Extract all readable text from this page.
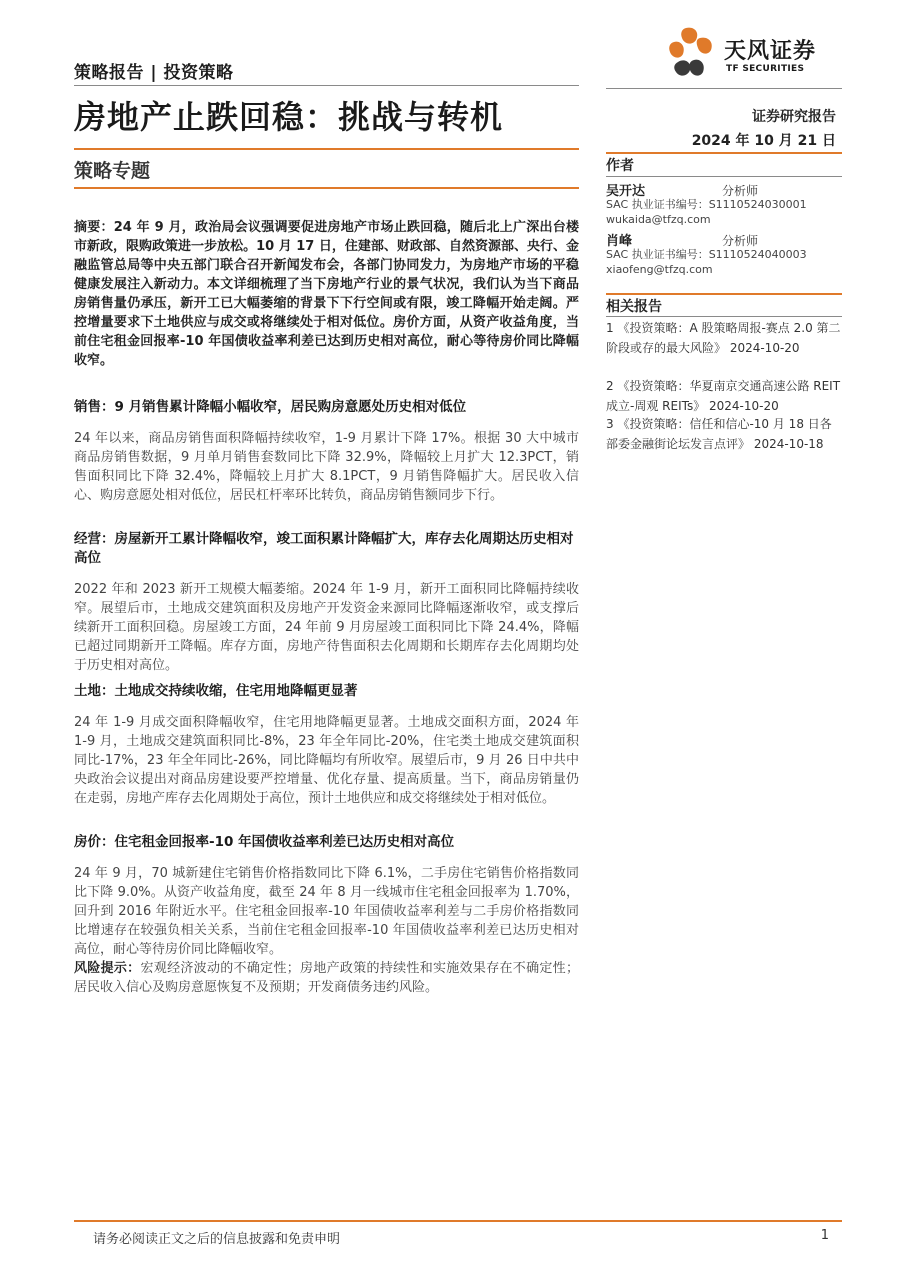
策略报告 | 投资策略
房地产止跌回稳：挑战与转机
策略专题
天风证券
TF SECURITIES
证券研究报告
2024 年 10 月 21 日
作者
吴开达	分析师
SAC 执业证书编号：S1110524030001
wukaida@tfzq.com
肖峰	分析师
SAC 执业证书编号：S1110524040003
xiaofeng@tfzq.com
相关报告
1 《投资策略：A 股策略周报-赛点 2.0 第二阶段或存的最大风险》 2024-10-20
2 《投资策略：华夏南京交通高速公路 REIT 成立-周观 REITs》 2024-10-20
3 《投资策略：信任和信心-10 月 18 日各部委金融街论坛发言点评》 2024-10-18
摘要：24 年 9 月，政治局会议强调要促进房地产市场止跌回稳，随后北上广深出台楼市新政，限购政策进一步放松。10 月 17 日，住建部、财政部、自然资源部、央行、金融监管总局等中央五部门联合召开新闻发布会，各部门协同发力，为房地产市场的平稳健康发展注入新动力。本文详细梳理了当下房地产行业的景气状况，我们认为当下商品房销售量仍承压，新开工已大幅萎缩的背景下下行空间或有限，竣工降幅开始走阔。严控增量要求下土地供应与成交或将继续处于相对低位。房价方面，从资产收益角度，当前住宅租金回报率-10 年国债收益率利差已达到历史相对高位，耐心等待房价同比降幅收窄。
销售：9 月销售累计降幅小幅收窄，居民购房意愿处历史相对低位
24 年以来，商品房销售面积降幅持续收窄，1-9 月累计下降 17%。根据 30 大中城市商品房销售数据，9 月单月销售套数同比下降 32.9%，降幅较上月扩大 12.3PCT，销售面积同比下降 32.4%，降幅较上月扩大 8.1PCT，9 月销售降幅扩大。居民收入信心、购房意愿处相对低位，居民杠杆率环比转负，商品房销售额同步下行。
经营：房屋新开工累计降幅收窄，竣工面积累计降幅扩大，库存去化周期达历史相对高位
2022 年和 2023 新开工规模大幅萎缩。2024 年 1-9 月，新开工面积同比降幅持续收窄。展望后市，土地成交建筑面积及房地产开发资金来源同比降幅逐渐收窄，或支撑后续新开工面积回稳。房屋竣工方面，24 年前 9 月房屋竣工面积同比下降 24.4%，降幅已超过同期新开工降幅。库存方面，房地产待售面积去化周期和长期库存去化周期均处于历史相对高位。
土地：土地成交持续收缩，住宅用地降幅更显著
24 年 1-9 月成交面积降幅收窄，住宅用地降幅更显著。土地成交面积方面，2024 年 1-9 月，土地成交建筑面积同比-8%，23 年全年同比-20%，住宅类土地成交建筑面积同比-17%，23 年全年同比-26%，同比降幅均有所收窄。展望后市，9 月 26 日中共中央政治会议提出对商品房建设要严控增量、优化存量、提高质量。当下，商品房销量仍在走弱，房地产库存去化周期处于高位，预计土地供应和成交将继续处于相对低位。
房价：住宅租金回报率-10 年国债收益率利差已达历史相对高位
24 年 9 月，70 城新建住宅销售价格指数同比下降 6.1%，二手房住宅销售价格指数同比下降 9.0%。从资产收益角度，截至 24 年 8 月一线城市住宅租金回报率为 1.70%，回升到 2016 年附近水平。住宅租金回报率-10 年国债收益率利差与二手房价格指数同比增速存在较强负相关关系，当前住宅租金回报率-10 年国债收益率利差已达历史相对高位，耐心等待房价同比降幅收窄。
风险提示：宏观经济波动的不确定性；房地产政策的持续性和实施效果存在不确定性；居民收入信心及购房意愿恢复不及预期；开发商债务违约风险。
请务必阅读正文之后的信息披露和免责申明	1
